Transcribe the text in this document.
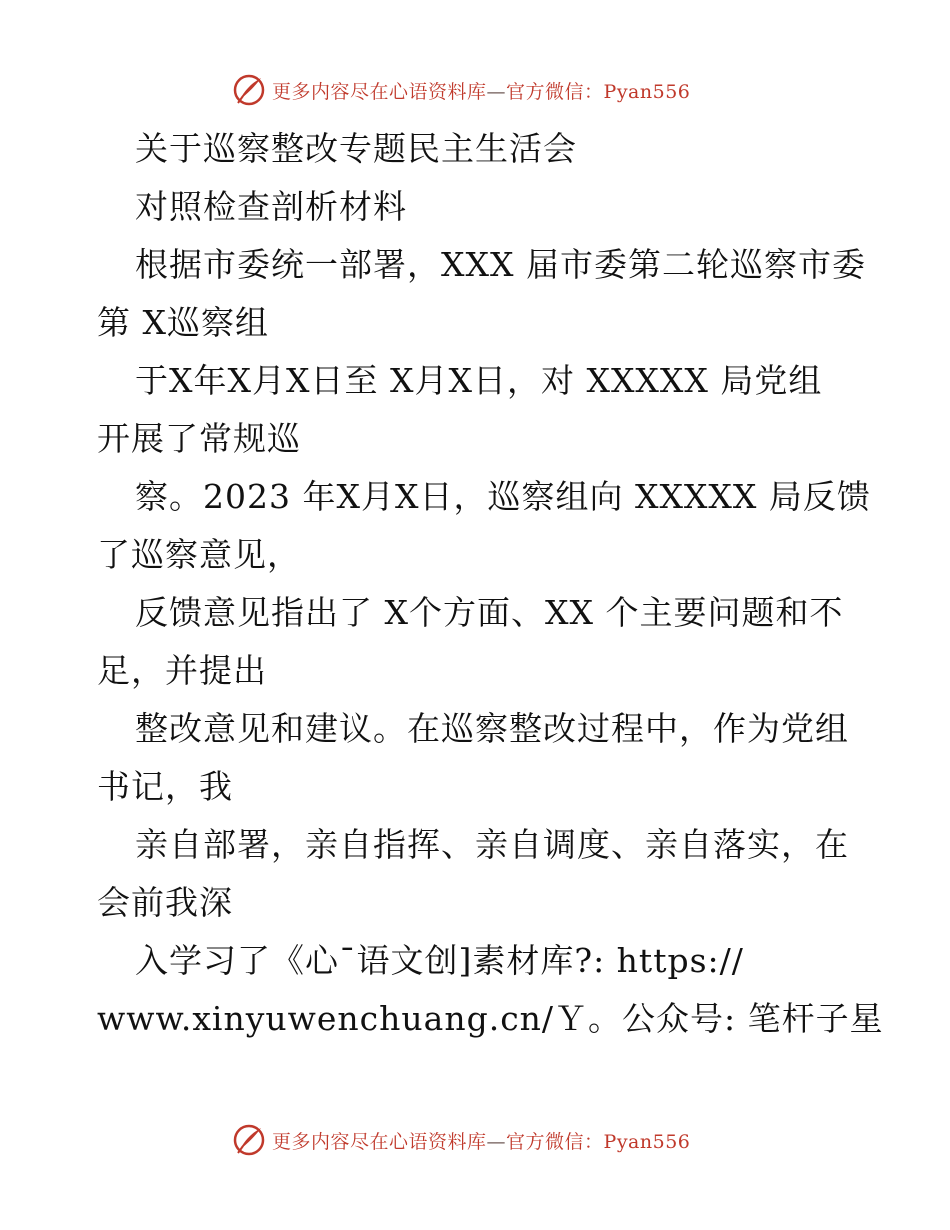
更多内容尽在心语资料库—官方微信：Pyan556
关于巡察整改专题民主生活会
对照检查剖析材料
根据市委统一部署，XXX 届市委第二轮巡察市委
第 X巡察组
于X年X月X日至 X月X日，对 XXXXX 局党组
开展了常规巡
察。2023 年X月X日，巡察组向 XXXXX 局反馈
了巡察意见，
反馈意见指出了 X个方面、XX 个主要问题和不
足，并提出
整改意见和建议。在巡察整改过程中，作为党组
书记，我
亲自部署，亲自指挥、亲自调度、亲自落实，在
会前我深
入学习了《心¯语文创]素材库?: https://
www.xinyuwenchuang.cn/Ｙ。公众号: 笔杆子星
更多内容尽在心语资料库—官方微信：Pyan556
